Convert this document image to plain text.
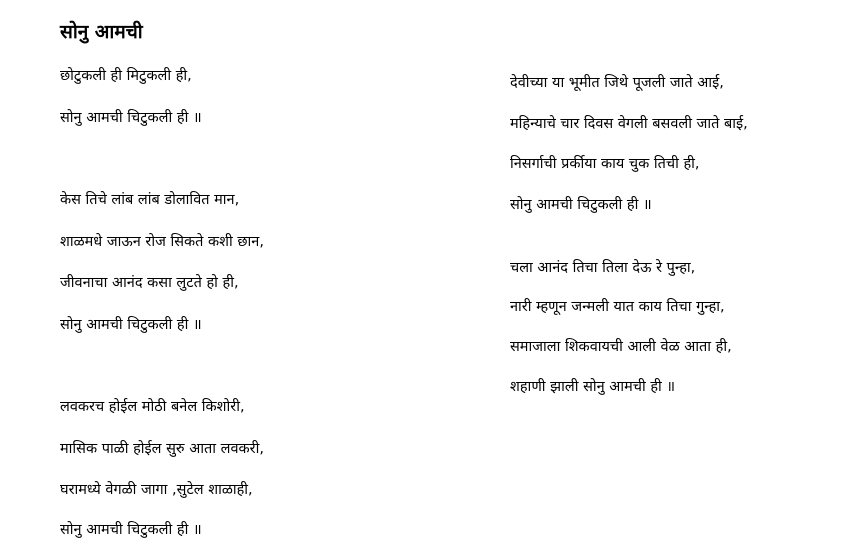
सोनु आमची
छोटुकली ही मिटुकली ही,
सोनु आमची चिटुकली ही ॥
केस तिचे लांब लांब डोलावित मान,
शाळमधे जाऊन रोज सिकते कशी छान,
जीवनाचा आनंद कसा लुटते हो ही,
सोनु आमची चिटुकली ही ॥
लवकरच होईल मोठी बनेल किशोरी,
मासिक पाळी होईल सुरु आता लवकरी,
घरामध्ये वेगळी जागा ,सुटेल शाळाही,
सोनु आमची चिटुकली ही ॥
देवीच्या या भूमीत जिथे पूजली जाते आई,
महिन्याचे चार दिवस वेगली बसवली जाते बाई,
निसर्गाची प्रर्कीया काय चुक तिची ही,
सोनु आमची चिटुकली ही ॥
चला आनंद तिचा तिला देऊ रे पुन्हा,
नारी म्हणून जन्मली यात काय तिचा गुन्हा,
समाजाला शिकवायची आली वेळ आता ही,
शहाणी झाली सोनु आमची ही ॥
